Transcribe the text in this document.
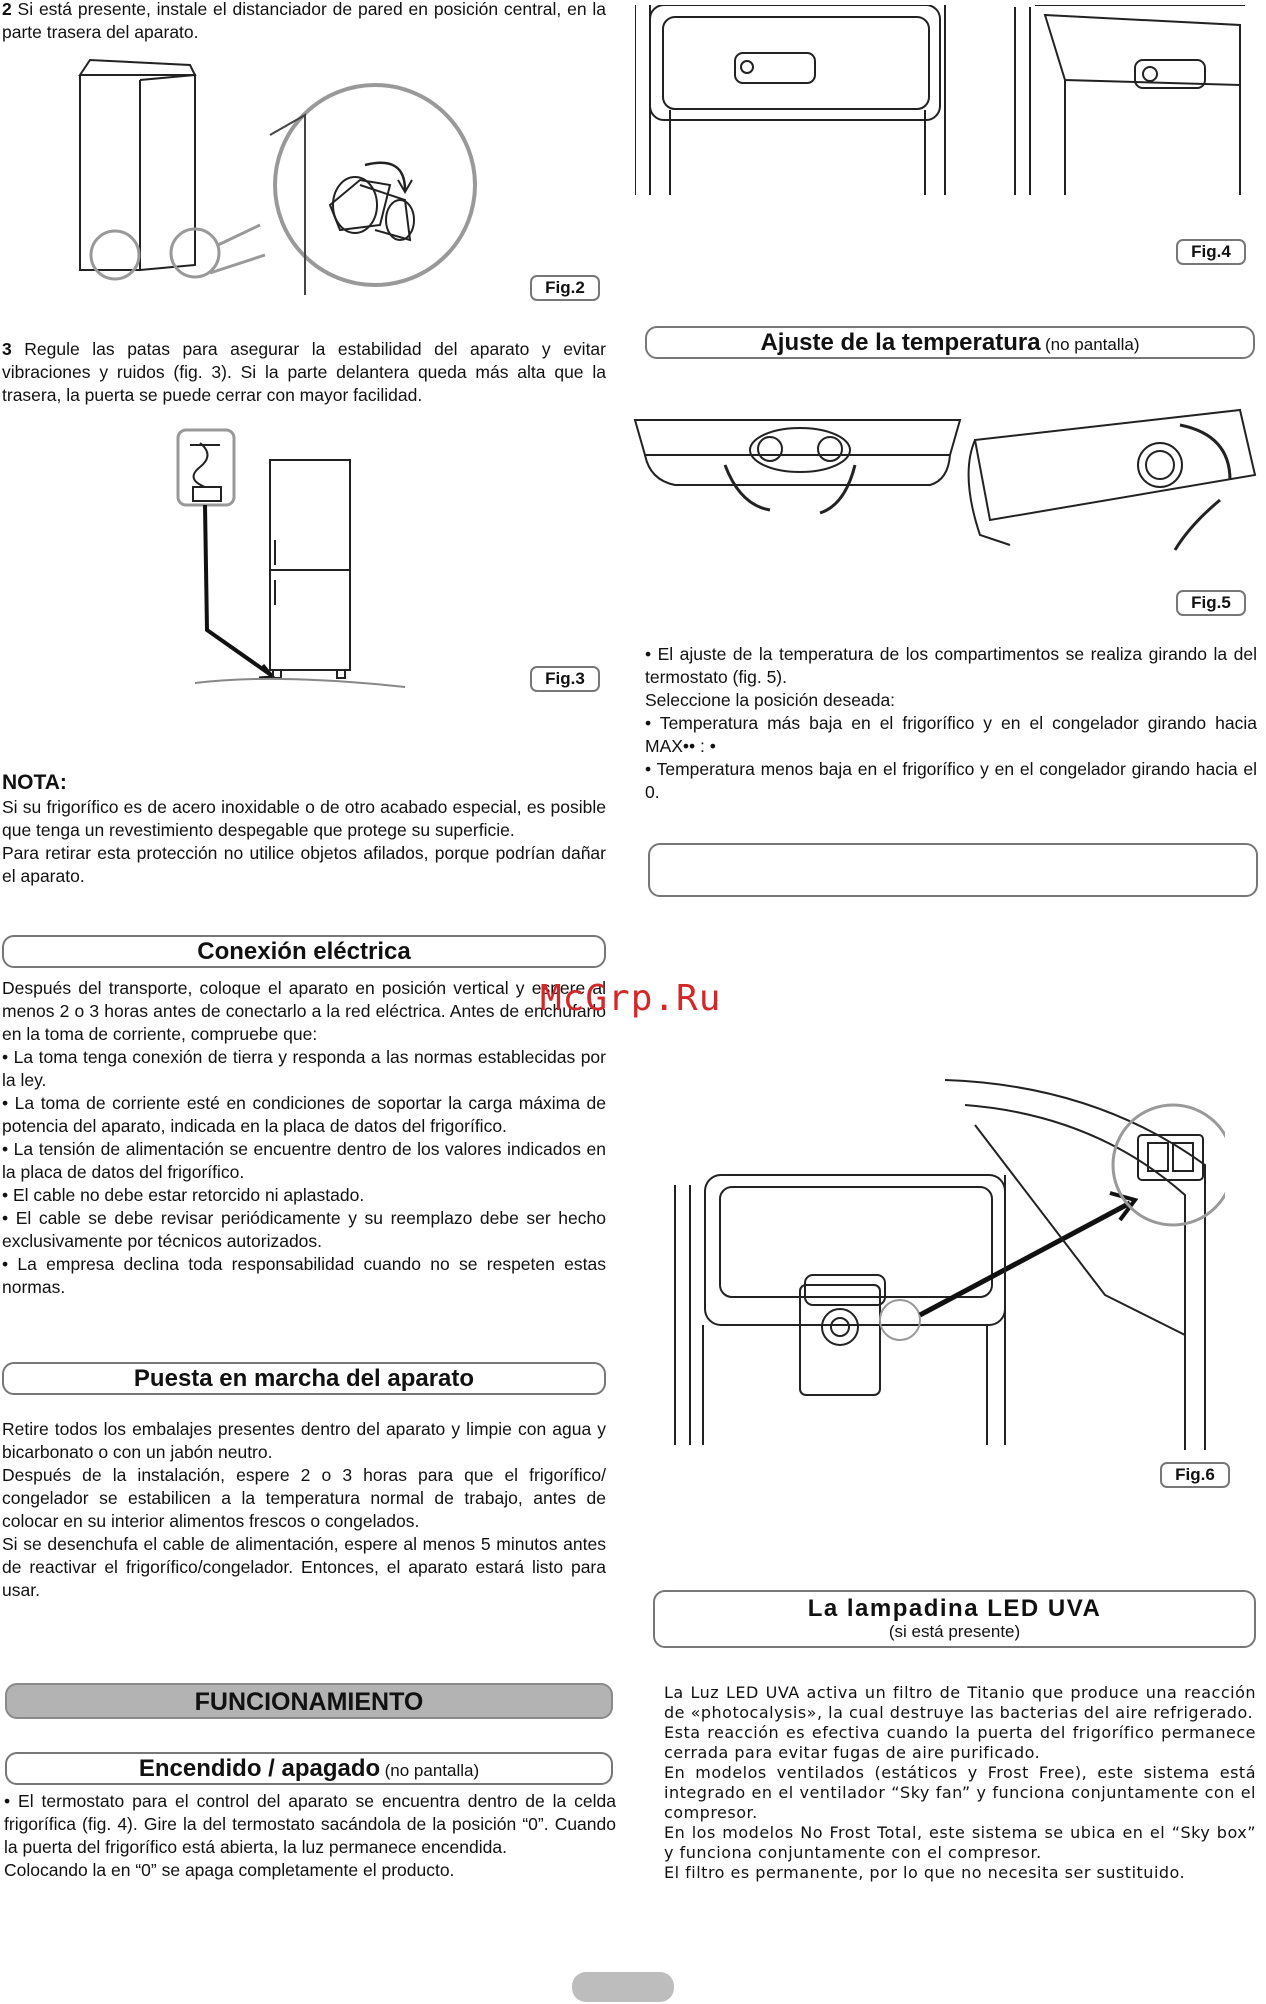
2 Si está presente, instale el distanciador de pared en posición central, en la parte trasera del aparato.
Fig.2
3 Regule las patas para asegurar la estabilidad del aparato y evitar vibraciones y ruidos (fig. 3). Si la parte delantera queda más alta que la trasera, la puerta se puede cerrar con mayor facilidad.
Fig.3

NOTA:

Si su frigorífico es de acero inoxidable o de otro acabado especial, es posible que tenga un revestimiento despegable que protege su superficie.

Para retirar esta protección no utilice objetos afilados, porque podrían dañar el aparato.

Conexión eléctrica

Después del transporte, coloque el aparato en posición vertical y espere al menos 2 o 3 horas antes de conectarlo a la red eléctrica. Antes de enchufarlo en la toma de corriente, compruebe que:

• La toma tenga conexión de tierra y responda a las normas establecidas por la ley.

• La toma de corriente esté en condiciones de soportar la carga máxima de potencia del aparato, indicada en la placa de datos del frigorífico.

• La tensión de alimentación se encuentre dentro de los valores indicados en la placa de datos del frigorífico.

• El cable no debe estar retorcido ni aplastado.

• El cable se debe revisar periódicamente y su reemplazo debe ser hecho exclusivamente por técnicos autorizados.

• La empresa declina toda responsabilidad cuando no se respeten estas normas.

Puesta en marcha del aparato

Retire todos los embalajes presentes dentro del aparato y limpie con agua y bicarbonato o con un jabón neutro.

Después de la instalación, espere 2 o 3 horas para que el frigorífico/ congelador se estabilicen a la temperatura normal de trabajo, antes de colocar en su interior alimentos frescos o congelados.

Si se desenchufa el cable de alimentación, espere al menos 5 minutos antes de reactivar el frigorífico/congelador. Entonces, el aparato estará listo para usar.

FUNCIONAMIENTO
Encendido / apagado (no pantalla)

• El termostato para el control del aparato se encuentra dentro de la celda frigorífica (fig. 4). Gire la del termostato sacándola de la posición “0”. Cuando la puerta del frigorífico está abierta, la luz permanece encendida.

Colocando la en “0” se apaga completamente el producto.

Fig.4
Ajuste de la temperatura (no pantalla)
Fig.5

• El ajuste de la temperatura de los compartimentos se realiza girando la del termostato (fig. 5).

Seleccione la posición deseada:

• Temperatura más baja en el frigorífico y en el congelador girando hacia MAX•• : •

• Temperatura menos baja en el frigorífico y en el congelador girando hacia el 0.

McGrp.Ru
Fig.6
La lampadina LED UVA
(si está presente)

La Luz LED UVA activa un filtro de Titanio que produce una reacción de «photocalysis», la cual destruye las bacterias del aire refrigerado.

Esta reacción es efectiva cuando la puerta del frigorífico permanece cerrada para evitar fugas de aire purificado.

En modelos ventilados (estáticos y Frost Free), este sistema está integrado en el ventilador “Sky fan” y funciona conjuntamente con el compresor.

En los modelos No Frost Total, este sistema se ubica en el “Sky box” y funciona conjuntamente con el compresor.

El filtro es permanente, por lo que no necesita ser sustituido.
